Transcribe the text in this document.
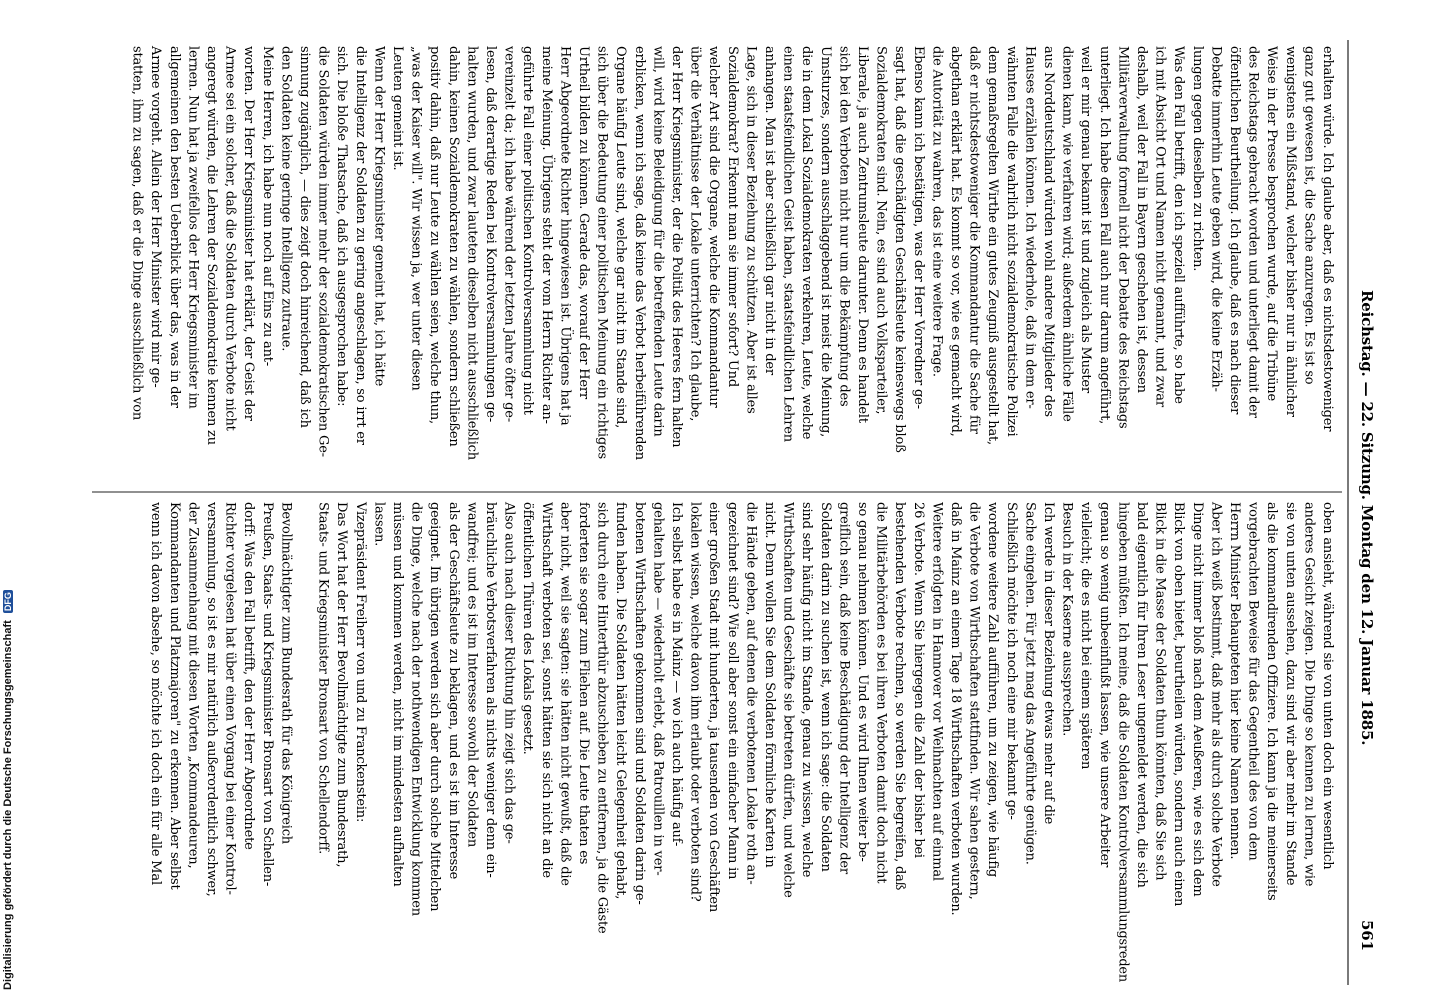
Reichstag. — 22. Sitzung. Montag den 12. Januar 1885.
561
erhalten würde. Ich glaube aber, daß es nichtsdestoweniger
ganz gut gewesen ist, die Sache anzuregen. Es ist so
wenigstens ein Mißstand, welcher bisher nur in ähnlicher
Weise in der Presse besprochen wurde, auf die Tribüne
des Reichstags gebracht worden und unterliegt damit der
öffentlichen Beurtheilung. Ich glaube, daß es nach dieser
Debatte immerhin Leute geben wird, die keine Erzäh-
lungen gegen dieselben zu richten.
Was den Fall betrifft, den ich speziell aufführte, so habe
ich mit Absicht Ort und Namen nicht genannt, und zwar
deshalb, weil der Fall in Bayern geschehen ist, dessen
Militärverwaltung formell nicht der Debatte des Reichstags
unterliegt. Ich habe diesen Fall auch nur darum angeführt,
weil er mir genau bekannt ist und zugleich als Muster
dienen kann, wie verfahren wird; außerdem ähnliche Fälle
aus Norddeutschland würden wohl andere Mitglieder des
Hauses erzählen können. Ich wiederhole, daß in dem er-
wähnten Falle die wahrlich nicht sozialdemokratische Polizei
dem gemaßregelten Wirthe ein gutes Zeugniß ausgestellt hat,
daß er nichtsdestoweniger die Kommandantur die Sache für
abgethan erklärt hat. Es kommt so vor, wie es gemacht wird,
die Autorität zu wahren, das ist eine weitere Frage.
Ebenso kann ich bestätigen, was der Herr Vorredner ge-
sagt hat, daß die geschädigten Geschäftsleute keineswegs bloß
Sozialdemokraten sind. Nein, es sind auch Volksparteiler,
Liberale, ja auch Zentrumsleute darunter. Denn es handelt
sich bei den Verboten nicht nur um die Bekämpfung des
Umsturzes, sondern ausschlaggebend ist meist die Meinung,
die in dem Lokal Sozialdemokraten verkehren, Leute, welche
einen staatsfeindlichen Geist haben, staatsfeindlichen Lehren
anhangen. Man ist aber schließlich gar nicht in der
Lage, sich in dieser Beziehung zu schützen. Aber ist alles
Sozialdemokrat? Erkennt man sie immer sofort? Und
welcher Art sind die Organe, welche die Kommandantur
über die Verhältnisse der Lokale unterrichten? Ich glaube,
der Herr Kriegsminister, der die Politik des Heeres fern halten
will, wird keine Beleidigung für die betreffenden Leute darin
erblicken, wenn ich sage, daß keine das Verbot herbeiführenden
Organe häufig Leute sind, welche gar nicht im Stande sind,
sich über die Bedeutung einer politischen Meinung ein richtiges
Urtheil bilden zu können. Gerade das, worauf der Herr
Herr Abgeordnete Richter hingewiesen ist. Übrigens hat ja
meine Meinung. Übrigens steht der vom Herrn Richter an-
geführte Fall einer politischen Kontrolversammlung nicht
vereinzelt da; ich habe während der letzten Jahre öfter ge-
lesen, daß derartige Reden bei Kontrolversammlungen ge-
halten wurden, und zwar lauteten dieselben nicht ausschließlich
dahin, keinen Sozialdemokraten zu wählen, sondern schließen
positiv dahin, daß nur Leute zu wählen seien, welche thun,
„was der Kaiser will". Wir wissen ja, wer unter diesen
Leuten gemeint ist.
Wenn der Herr Kriegsminister gemeint hat, ich hätte
die Intelligenz der Soldaten zu gering angeschlagen, so irrt er
sich. Die bloße Thatsache, daß ich ausgesprochen habe:
die Soldaten würden immer mehr der sozialdemokratischen Ge-
sinnung zugänglich, — dies zeigt doch hinreichend, daß ich
den Soldaten keine geringe Intelligenz zutraue.
Meine Herren, ich habe nun noch auf Eins zu ant-
worten. Der Herr Kriegsminister hat erklärt, der Geist der
Armee sei ein solcher, daß die Soldaten durch Verbote nicht
angeregt würden, die Lehren der Sozialdemokratie kennen zu
lernen. Nun hat ja zweifellos der Herr Kriegsminister im
allgemeinen den besten Ueberblick über das, was in der
Armee vorgeht. Allein der Herr Minister wird mir ge-
statten, ihm zu sagen, daß er die Dinge ausschließlich von
oben ansieht, während sie von unten doch ein wesentlich
anderes Gesicht zeigen. Die Dinge so kennen zu lernen, wie
sie von unten aussehen, dazu sind wir aber mehr im Stande
als die kommandirenden Offiziere. Ich kann ja die meinerseits
vorgebrachten Beweise für das Gegentheil des von dem
Herrn Minister Behaupteten hier keine Namen nennen.
Aber ich weiß bestimmt, daß mehr als durch solche Verbote
Dinge nicht immer bloß nach dem Aeußeren, wie es sich dem
Blick von oben bietet, beurtheilen würden, sondern auch einen
Blick in die Masse der Soldaten thun könnten, daß Sie sich
bald eigentlich für Ihren Leser ungemeldet werden, die sich
hingeben müßten. Ich meine, daß die Soldaten Kontrolversammlungsreden
genau so wenig unbeeinflußt lassen, wie unsere Arbeiter
vielleicht; die es nicht bei einem späteren
Besuch in der Kaserne aussprechen.
Ich werde in dieser Beziehung etwas mehr auf die
Sache eingehen. Für jetzt mag das Angeführte genügen.
Schließlich möchte ich noch eine mir bekannt ge-
wordene weitere Zahl aufführen, um zu zeigen, wie häufig
die Verbote von Wirthschaften stattfinden. Wir sahen gestern,
daß in Mainz an einem Tage 18 Wirthschaften verboten wurden.
Weitere erfolgten in Hannover vor Weihnachten auf einmal
26 Verbote. Wenn Sie hiergegen die Zahl der bisher bei
bestehenden Verbote rechnen, so werden Sie begreifen, daß
die Militärbehörden es bei ihren Verboten damit doch nicht
so genau nehmen können. Und es wird Ihnen weiter be-
greiflich sein, daß keine Beschädigung der Intelligenz der
Soldaten darin zu suchen ist, wenn ich sage: die Soldaten
sind sehr häufig nicht im Stande, genau zu wissen, welche
Wirthschaften und Geschäfte sie betreten dürfen, und welche
nicht. Denn wollen Sie dem Soldaten förmliche Karten in
die Hände geben, auf denen die verbotenen Lokale roth an-
gezeichnet sind? Wie soll aber sonst ein einfacher Mann in
einer großen Stadt mit hunderten, ja tausenden von Geschäften
lokalen wissen, welche davon ihm erlaubt oder verboten sind?
Ich selbst habe es in Mainz — wo ich auch häufig auf-
gehalten habe — wiederholt erlebt, daß Patrouillen in ver-
botenen Wirthschaften gekommen sind und Soldaten darin ge-
funden haben. Die Soldaten hätten leicht Gelegenheit gehabt,
sich durch eine Hinterthür abzuschieben zu entfernen, ja die Gäste
forderten sie sogar zum Fliehen auf. Die Leute thaten es
aber nicht, weil sie sagten: sie hätten nicht gewußt, daß die
Wirthschaft verboten sei, sonst hätten sie sich nicht an die
öffentlichen Thüren des Lokals gesetzt.
Also auch nach dieser Richtung hin zeigt sich das ge-
bräuchliche Verbotsverfahren als nichts weniger denn ein-
wandfrei; und es ist im Interesse sowohl der Soldaten
als der Geschäftsleute zu beklagen, und es ist im Interesse
geeignet. Im übrigen werden sich aber durch solche Mittelchen
die Dinge, welche nach der nothwendigen Entwicklung kommen
müssen und kommen werden, nicht im mindesten aufhalten
lassen.
Vizepräsident Freiherr von und zu Franckenstein:
Das Wort hat der Herr Bevollmächtigte zum Bundesrath,
Staats- und Kriegsminister Bronsart von Schellendorff.
Bevollmächtigter zum Bundesrath für das Königreich
Preußen, Staats- und Kriegsminister Bronsart von Schellen-
dorff: Was den Fall betrifft, den der Herr Abgeordnete
Richter vorgelesen hat über einen Vorgang bei einer Kontrol-
versammlung, so ist es mir natürlich außerordentlich schwer,
der Zusammenhang mit diesen Worten „Kommandeuren,
Kommandanten und Platzmajoren" zu erkennen. Aber selbst
wenn ich davon absehe, so möchte ich doch ein für alle Mal
Digitalisierung gefördert durch die Deutsche Forschungsgemeinschaft DFG
